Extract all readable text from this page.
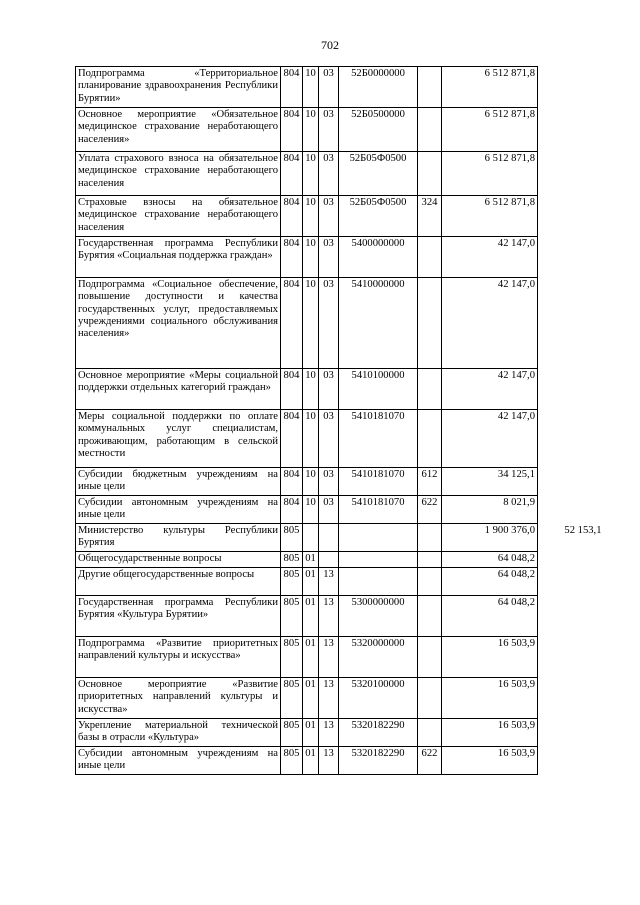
702
Подпрограмма «Территориальное планирование здравоохранения Республики Бурятии»	804	10	03	52Б0000000		6 512 871,8	
Основное мероприятие «Обязательное медицинское страхование неработающего населения»	804	10	03	52Б0500000		6 512 871,8	
Уплата страхового взноса на обязательное медицинское страхование неработающего населения	804	10	03	52Б05Ф0500		6 512 871,8	
Страховые взносы на обязательное медицинское страхование неработающего населения	804	10	03	52Б05Ф0500	324	6 512 871,8	
Государственная программа Республики Бурятия «Социальная поддержка граждан»	804	10	03	5400000000		42 147,0	
Подпрограмма «Социальное обеспечение, повышение доступности и качества государственных услуг, предоставляемых учреждениями социального обслуживания населения»	804	10	03	5410000000		42 147,0	
Основное мероприятие «Меры социальной поддержки отдельных категорий граждан»	804	10	03	5410100000		42 147,0	
Меры социальной поддержки по оплате коммунальных услуг специалистам, проживающим, работающим в сельской местности	804	10	03	5410181070		42 147,0	
Субсидии бюджетным учреждениям на иные цели	804	10	03	5410181070	612	34 125,1	
Субсидии автономным учреждениям на иные цели	804	10	03	5410181070	622	8 021,9	
Министерство культуры Республики Бурятия	805					1 900 376,0	52 153,1
Общегосударственные вопросы	805	01				64 048,2	
Другие общегосударственные вопросы	805	01	13			64 048,2	
Государственная программа Республики Бурятия «Культура Бурятии»	805	01	13	5300000000		64 048,2	
Подпрограмма «Развитие приоритетных направлений культуры и искусства»	805	01	13	5320000000		16 503,9	
Основное мероприятие «Развитие приоритетных направлений культуры и искусства»	805	01	13	5320100000		16 503,9	
Укрепление материальной технической базы в отрасли «Культура»	805	01	13	5320182290		16 503,9	
Субсидии автономным учреждениям на иные цели	805	01	13	5320182290	622	16 503,9	
